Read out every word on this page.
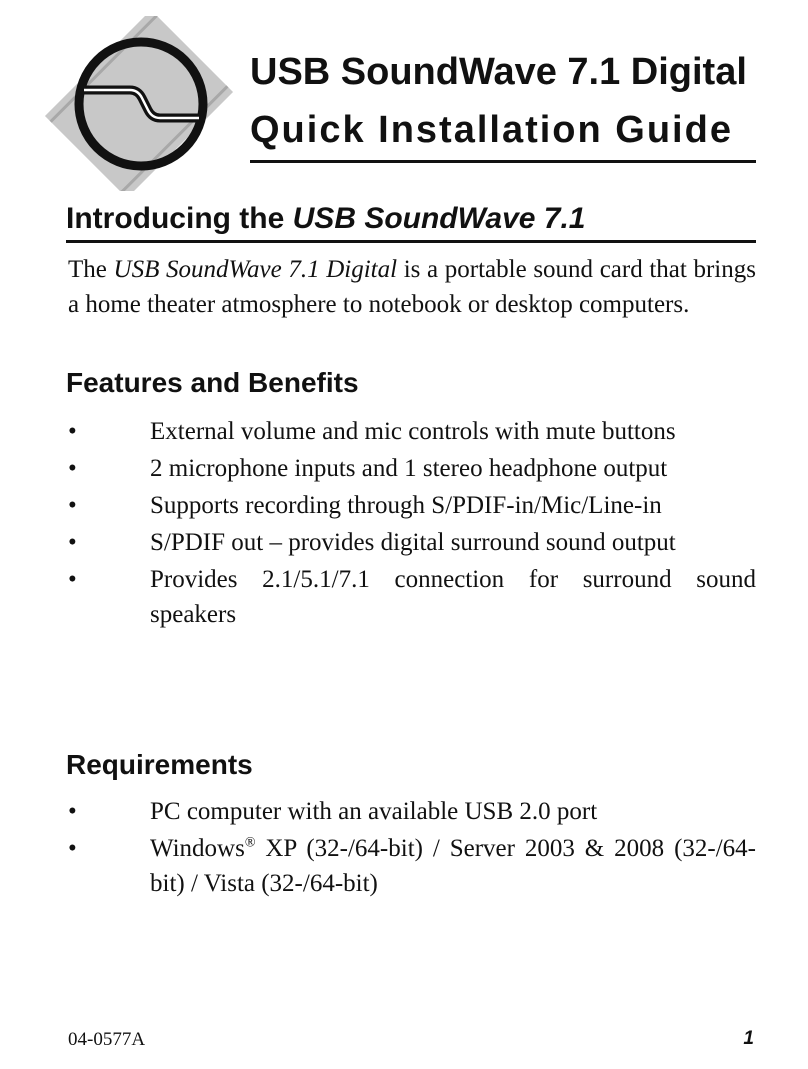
USB SoundWave 7.1 Digital

Quick Installation Guide

Introducing the USB SoundWave 7.1

The USB SoundWave 7.1 Digital is a portable sound card that brings a home theater atmosphere to notebook or desktop computers.

Features and Benefits
•	External volume and mic controls with mute buttons
•	2 microphone inputs and 1 stereo headphone output
•	Supports recording through S/PDIF-in/Mic/Line-in
•	S/PDIF out – provides digital surround sound output
•	Provides 2.1/5.1/7.1 connection for surround sound speakers
Requirements
•	PC computer with an available USB 2.0 port
•	Windows® XP (32-/64-bit) / Server 2003 & 2008 (32-/64-bit) / Vista (32-/64-bit)
04-0577A	1
